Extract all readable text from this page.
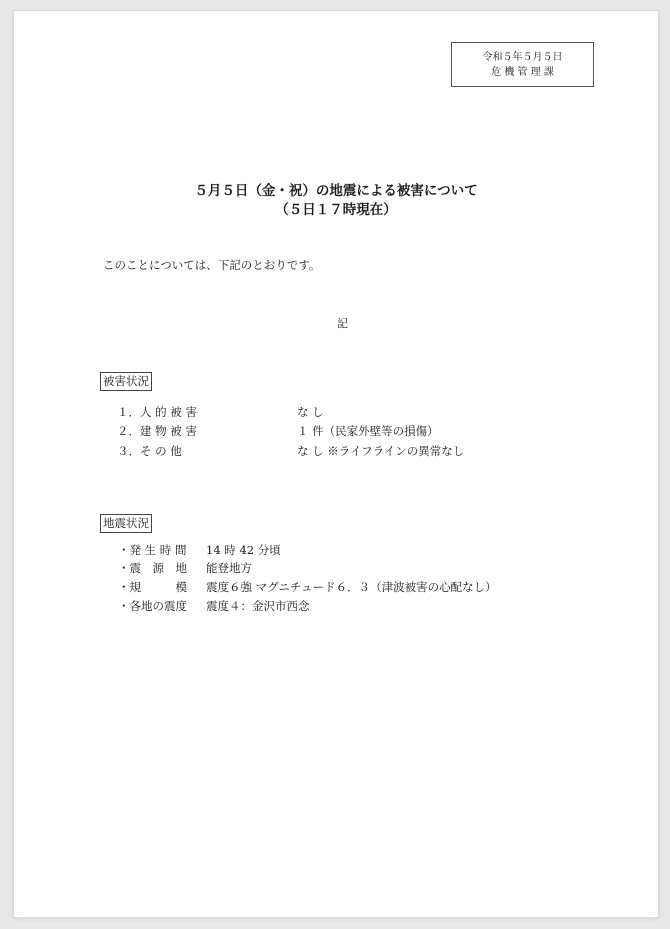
令和５年５月５日
危 機 管 理 課
５月５日（金・祝）の地震による被害について
（５日１７時現在）
このことについては、下記のとおりです。
記
被害状況
１．人 的 被 害	な し
２．建 物 被 害	１ 件（民家外壁等の損傷）
３．そ の 他	な し ※ライフラインの異常なし
地震状況
・発 生 時 間 14 時 42 分頃
・震　源　地 能登地方
・規　　　模 震度６強 マグニチュード６．３（津波被害の心配なし）
・各地の震度 震度４：金沢市西念
